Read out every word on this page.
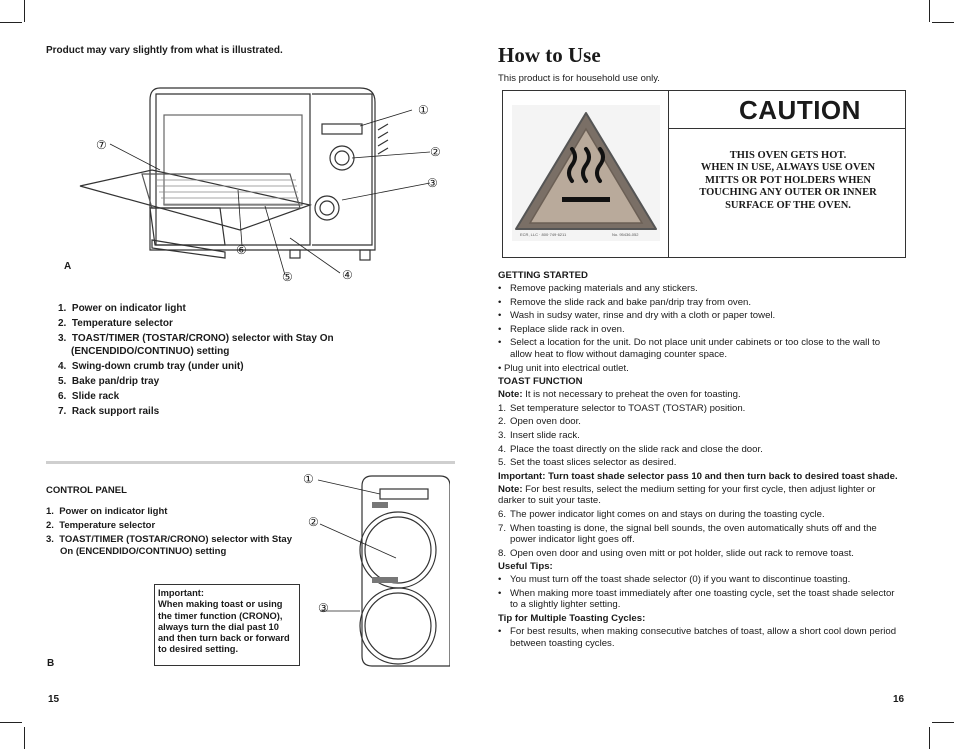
Product may vary slightly from what is illustrated.
①
②
③
④
⑤
⑥
⑦
A
1. Power on indicator light
2. Temperature selector
3. TOAST/TIMER (TOSTAR/CRONO) selector with Stay On (ENCENDIDO/CONTINUO) setting
4. Swing-down crumb tray (under unit)
5. Bake pan/drip tray
6. Slide rack
7. Rack support rails
CONTROL PANEL
1. Power on indicator light
2. Temperature selector
3. TOAST/TIMER (TOSTAR/CRONO) selector with Stay On (ENCENDIDO/CONTINUO) setting
Important:
When making toast or using the timer function (CRONO), always turn the dial past 10 and then turn back or forward to desired setting.
B
①
②
③
15
How to Use
This product is for household use only.
CAUTION
THIS OVEN GETS HOT.
WHEN IN USE, ALWAYS USE OVEN MITTS OR POT HOLDERS WHEN TOUCHING ANY OUTER OR INNER SURFACE OF THE OVEN.
ECR, LLC · 800·749·6211	No. 95436-052

GETTING STARTED

• Remove packing materials and any stickers.

• Remove the slide rack and bake pan/drip tray from oven.

• Wash in sudsy water, rinse and dry with a cloth or paper towel.

• Replace slide rack in oven.

• Select a location for the unit. Do not place unit under cabinets or too close to the wall to allow heat to flow without damaging counter space.

• Plug unit into electrical outlet.

TOAST FUNCTION

Note: It is not necessary to preheat the oven for toasting.

1. Set temperature selector to TOAST (TOSTAR) position.

2. Open oven door.

3. Insert slide rack.

4. Place the toast directly on the slide rack and close the door.

5. Set the toast slices selector as desired.

Important: Turn toast shade selector pass 10 and then turn back to desired toast shade.

Note: For best results, select the medium setting for your first cycle, then adjust lighter or darker to suit your taste.

6. The power indicator light comes on and stays on during the toasting cycle.

7. When toasting is done, the signal bell sounds, the oven automatically shuts off and the power indicator light goes off.

8. Open oven door and using oven mitt or pot holder, slide out rack to remove toast.

Useful Tips:

• You must turn off the toast shade selector (0) if you want to discontinue toasting.

• When making more toast immediately after one toasting cycle, set the toast shade selector to a slightly lighter setting.

Tip for Multiple Toasting Cycles:

• For best results, when making consecutive batches of toast, allow a short cool down period between toasting cycles.

16
